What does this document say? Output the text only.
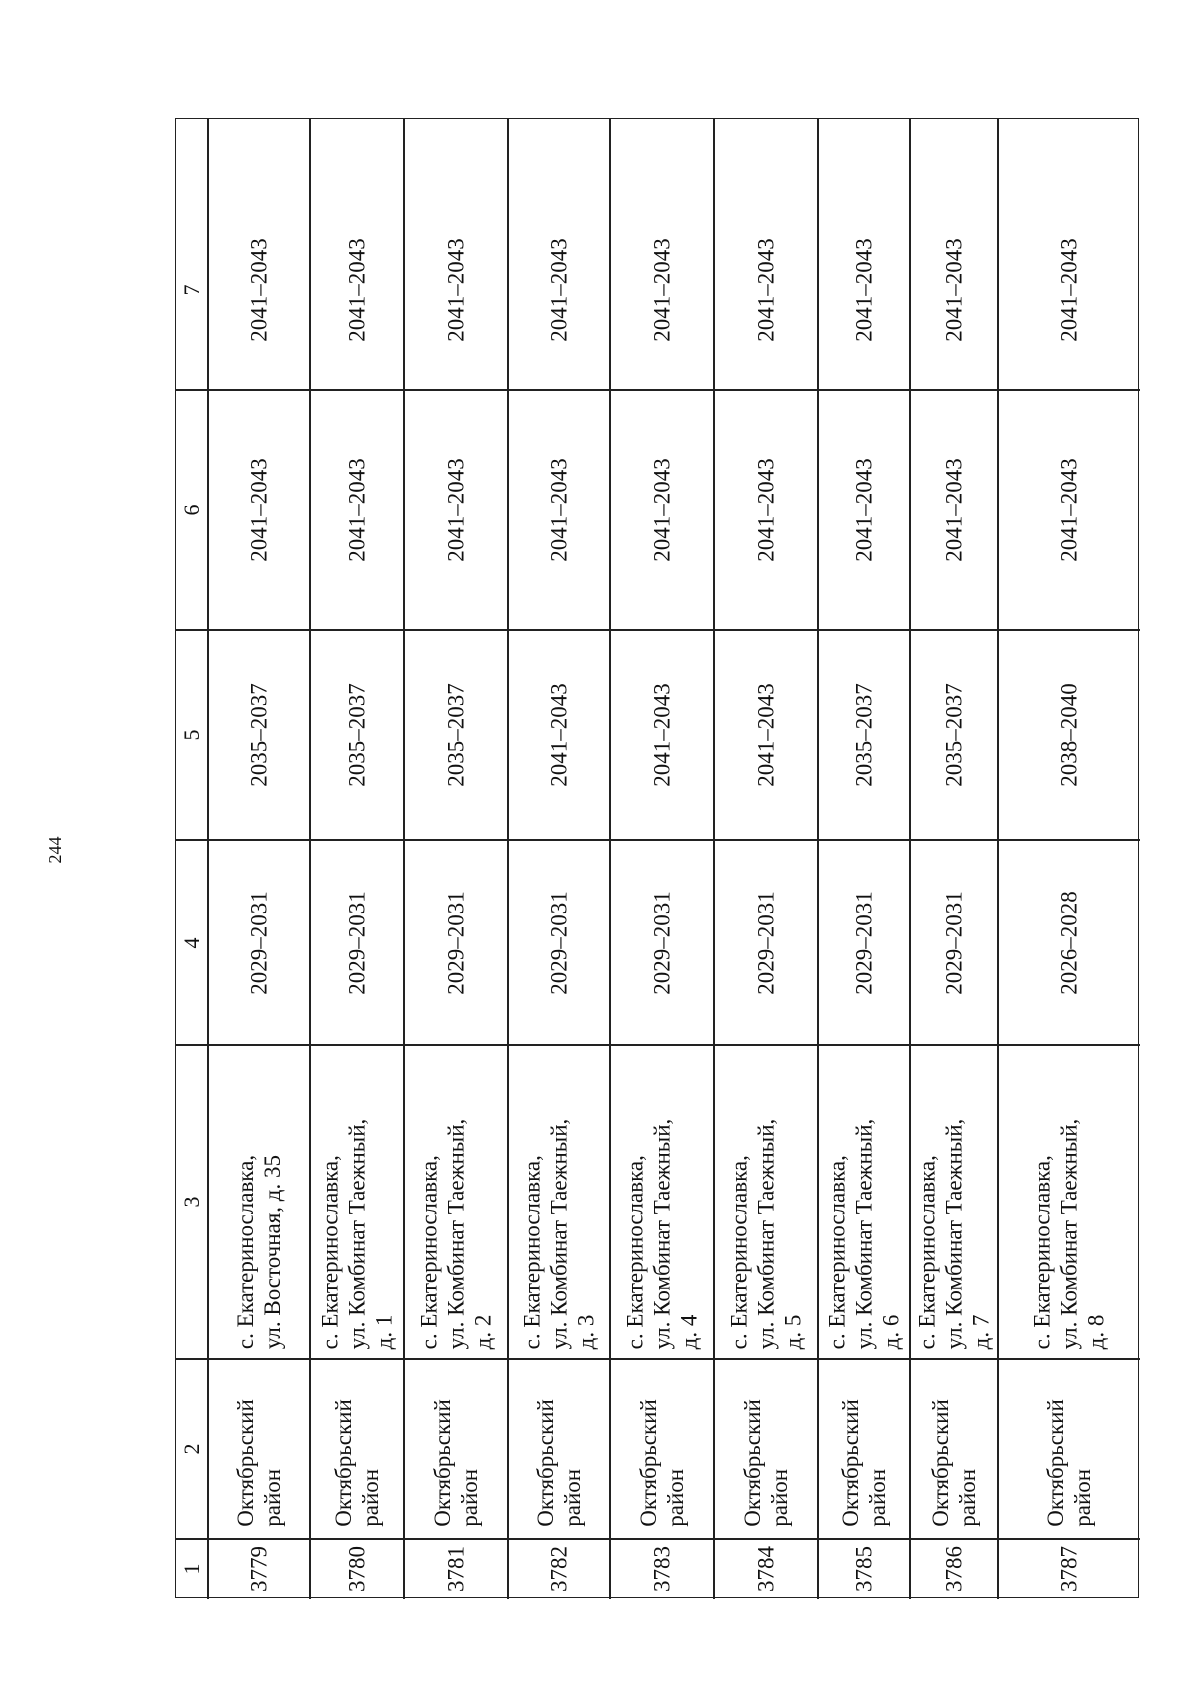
244
1
2
3
4
5
6
7
3779
Октябрьский район
с. Екатеринославка, ул. Восточная, д. 35
2029–2031
2035–2037
2041–2043
2041–2043
3780
Октябрьский район
с. Екатеринославка, ул. Комбинат Таежный, д. 1
2029–2031
2035–2037
2041–2043
2041–2043
3781
Октябрьский район
с. Екатеринославка, ул. Комбинат Таежный, д. 2
2029–2031
2035–2037
2041–2043
2041–2043
3782
Октябрьский район
с. Екатеринославка, ул. Комбинат Таежный, д. 3
2029–2031
2041–2043
2041–2043
2041–2043
3783
Октябрьский район
с. Екатеринославка, ул. Комбинат Таежный, д. 4
2029–2031
2041–2043
2041–2043
2041–2043
3784
Октябрьский район
с. Екатеринославка, ул. Комбинат Таежный, д. 5
2029–2031
2041–2043
2041–2043
2041–2043
3785
Октябрьский район
с. Екатеринославка, ул. Комбинат Таежный, д. 6
2029–2031
2035–2037
2041–2043
2041–2043
3786
Октябрьский район
с. Екатеринославка, ул. Комбинат Таежный, д. 7
2029–2031
2035–2037
2041–2043
2041–2043
3787
Октябрьский район
с. Екатеринославка, ул. Комбинат Таежный, д. 8
2026–2028
2038–2040
2041–2043
2041–2043
